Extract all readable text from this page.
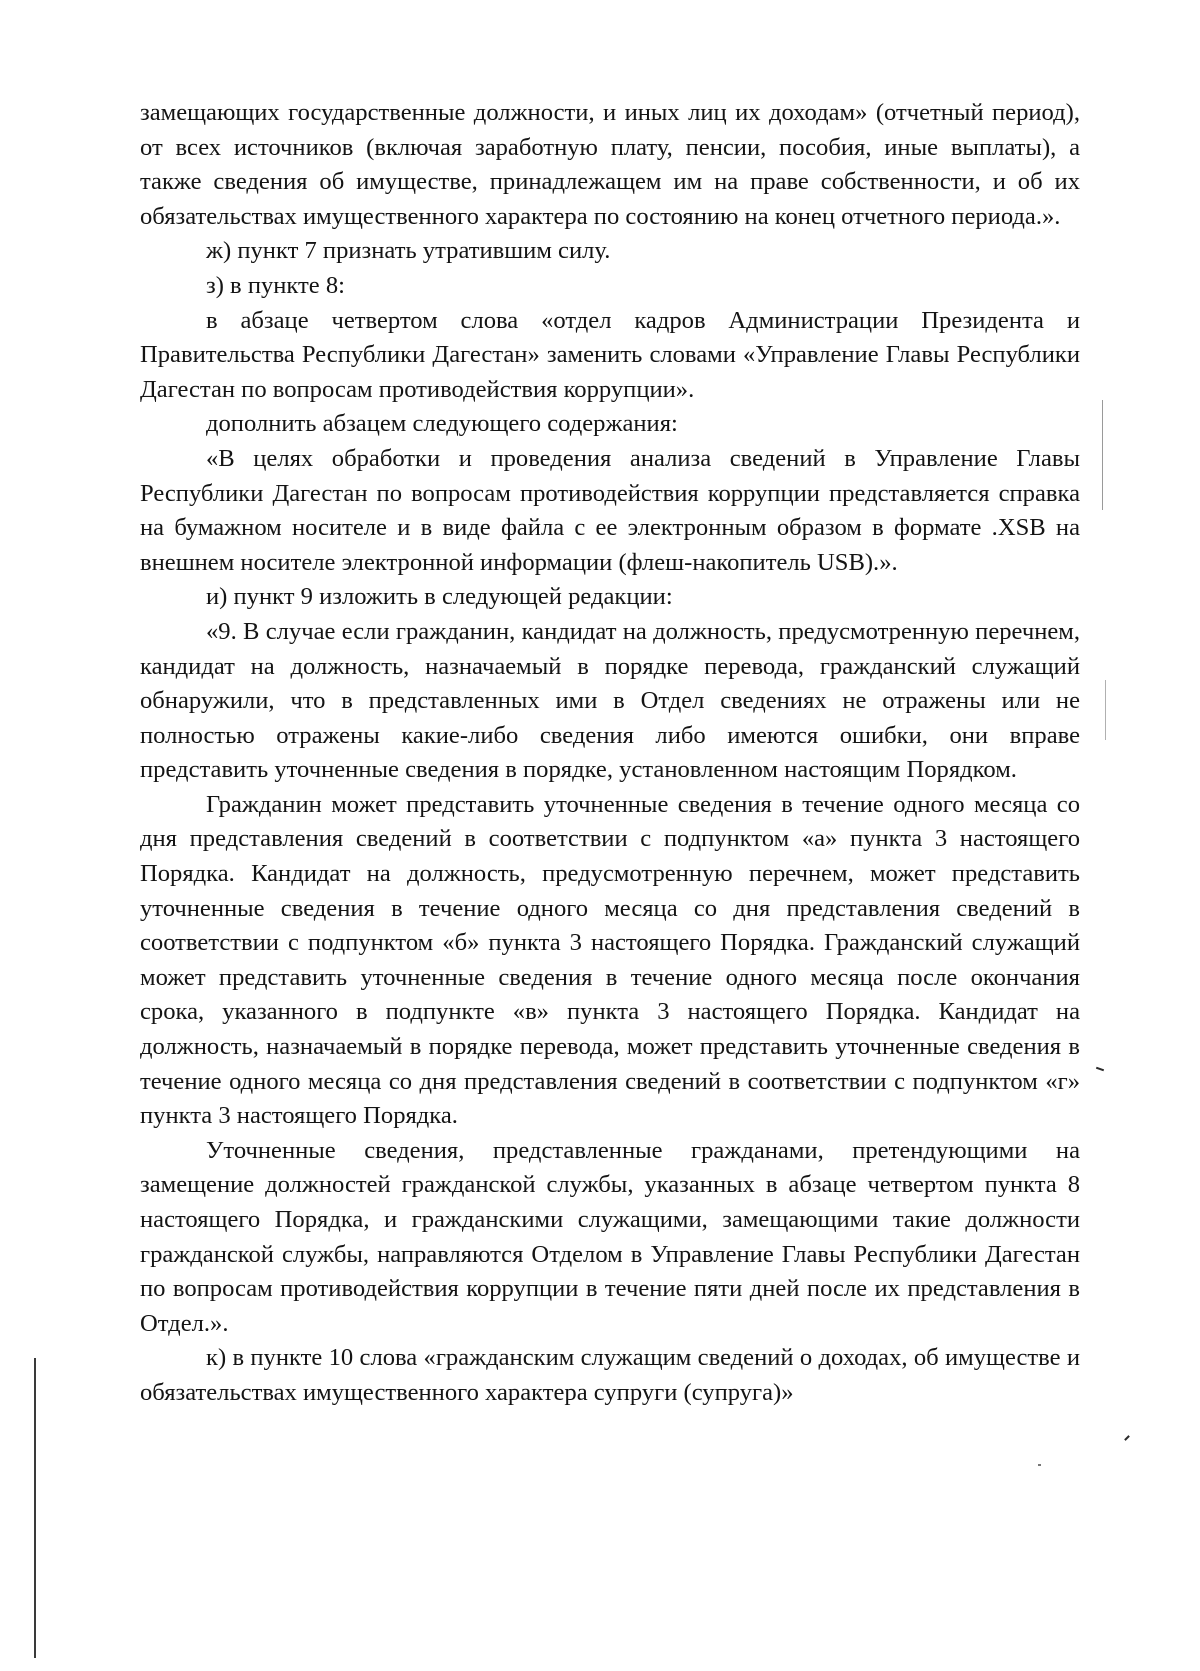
замещающих государственные должности, и иных лиц их доходам» (отчетный период), от всех источников (включая заработную плату, пенсии, пособия, иные выплаты), а также сведения об имуществе, принадлежащем им на праве собственности, и об их обязательствах имущественного характера по состоянию на конец отчетного периода.».

ж) пункт 7 признать утратившим силу.

з) в пункте 8:

в абзаце четвертом слова «отдел кадров Администрации Президента и Правительства Республики Дагестан» заменить словами «Управление Главы Республики Дагестан по вопросам противодействия коррупции».

дополнить абзацем следующего содержания:

«В целях обработки и проведения анализа сведений в Управление Главы Республики Дагестан по вопросам противодействия коррупции представляется справка на бумажном носителе и в виде файла с ее электронным образом в формате .XSB на внешнем носителе электронной информации (флеш-накопитель USB).».

и) пункт 9 изложить в следующей редакции:

«9. В случае если гражданин, кандидат на должность, предусмотренную перечнем, кандидат на должность, назначаемый в порядке перевода, гражданский служащий обнаружили, что в представленных ими в Отдел сведениях не отражены или не полностью отражены какие-либо сведения либо имеются ошибки, они вправе представить уточненные сведения в порядке, установленном настоящим Порядком.

Гражданин может представить уточненные сведения в течение одного месяца со дня представления сведений в соответствии с подпунктом «а» пункта 3 настоящего Порядка. Кандидат на должность, предусмотренную перечнем, может представить уточненные сведения в течение одного месяца со дня представления сведений в соответствии с подпунктом «б» пункта 3 настоящего Порядка. Гражданский служащий может представить уточненные сведения в течение одного месяца после окончания срока, указанного в подпункте «в» пункта 3 настоящего Порядка. Кандидат на должность, назначаемый в порядке перевода, может представить уточненные сведения в течение одного месяца со дня представления сведений в соответствии с подпунктом «г» пункта 3 настоящего Порядка.

Уточненные сведения, представленные гражданами, претендующими на замещение должностей гражданской службы, указанных в абзаце четвертом пункта 8 настоящего Порядка, и гражданскими служащими, замещающими такие должности гражданской службы, направляются Отделом в Управление Главы Республики Дагестан по вопросам противодействия коррупции в течение пяти дней после их представления в Отдел.».

к) в пункте 10 слова «гражданским служащим сведений о доходах, об имуществе и обязательствах имущественного характера супруги (супруга)»
